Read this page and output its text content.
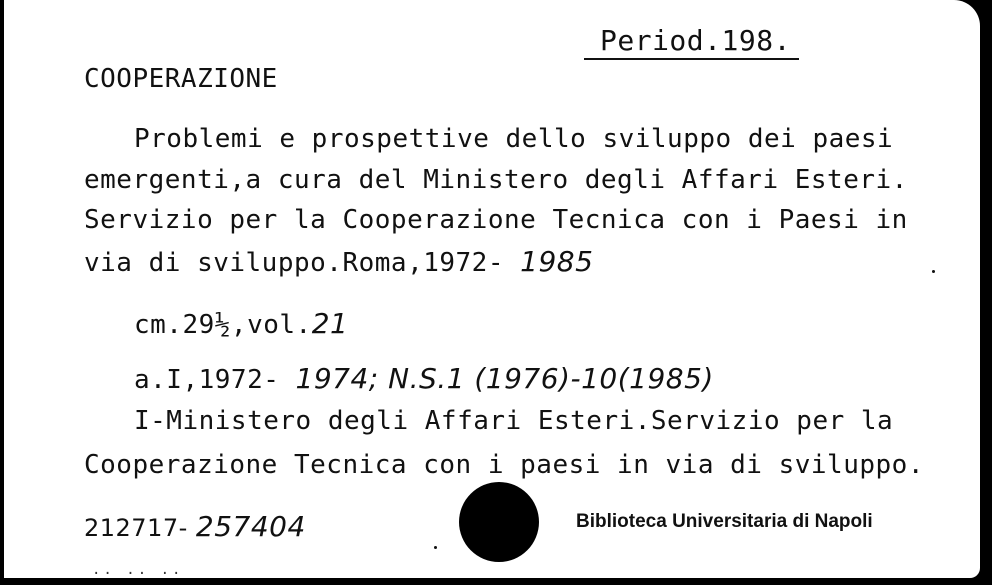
Period.198.
COOPERAZIONE
Problemi e prospettive dello sviluppo dei paesi
emergenti,a cura del Ministero degli Affari Esteri.
Servizio per la Cooperazione Tecnica con i Paesi in
via di sviluppo.Roma,1972- 1985
cm.29½,vol.21
a.I,1972- 1974; N.S.1 (1976)-10(1985)
I-Ministero degli Affari Esteri.Servizio per la
Cooperazione Tecnica con i paesi in via di sviluppo.
212717- 257404	Biblioteca Universitaria di Napoli
.. .. ..
